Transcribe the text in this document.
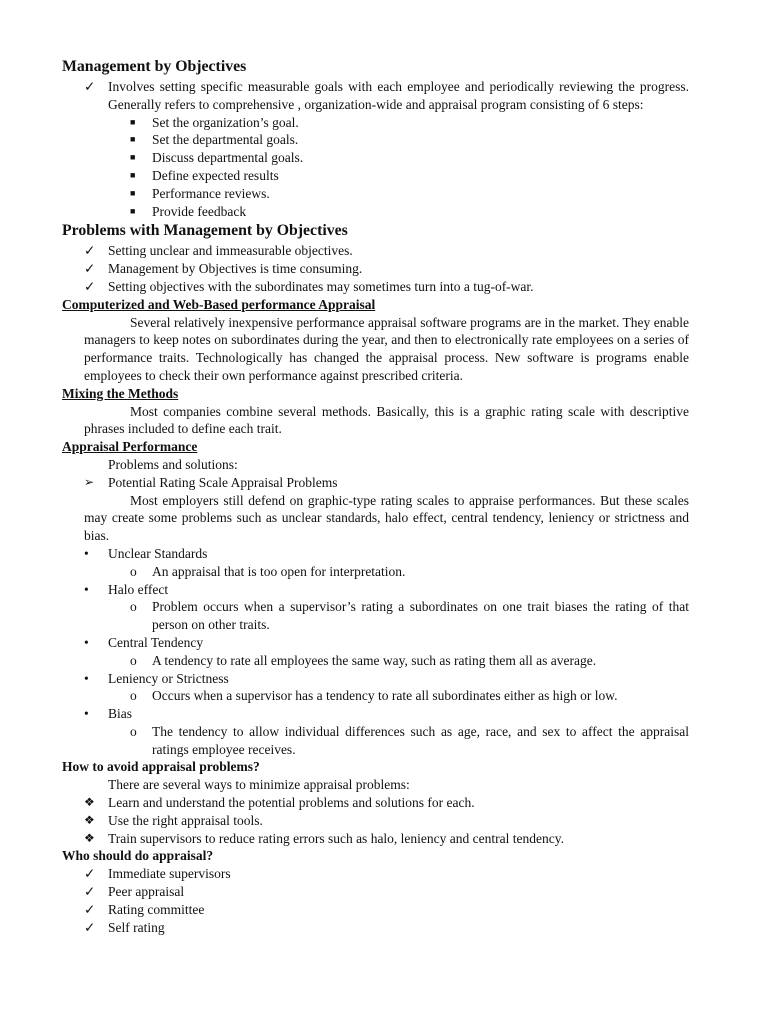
Management by Objectives
✓ Involves setting specific measurable goals with each employee and periodically reviewing the progress. Generally refers to comprehensive , organization-wide and appraisal program consisting of 6 steps:
■ Set the organization’s goal.
■ Set the departmental goals.
■ Discuss departmental goals.
■ Define expected results
■ Performance reviews.
■ Provide feedback
Problems with Management by Objectives
✓ Setting unclear and immeasurable objectives.
✓ Management by Objectives is time consuming.
✓ Setting objectives with the subordinates may sometimes turn into a tug-of-war.
Computerized and Web-Based performance Appraisal

Several relatively inexpensive performance appraisal software programs are in the market. They enable managers to keep notes on subordinates during the year, and then to electronically rate employees on a series of performance traits. Technologically has changed the appraisal process. New software is programs enable employees to check their own performance against prescribed criteria.

Mixing the Methods

Most companies combine several methods. Basically, this is a graphic rating scale with descriptive phrases included to define each trait.

Appraisal Performance

Problems and solutions:

➢ Potential Rating Scale Appraisal Problems

Most employers still defend on graphic-type rating scales to appraise performances. But these scales may create some problems such as unclear standards, halo effect, central tendency, leniency or strictness and bias.

• Unclear Standards
o An appraisal that is too open for interpretation.
• Halo effect
o Problem occurs when a supervisor’s rating a subordinates on one trait biases the rating of that person on other traits.
• Central Tendency
o A tendency to rate all employees the same way, such as rating them all as average.
• Leniency or Strictness
o Occurs when a supervisor has a tendency to rate all subordinates either as high or low.
• Bias
o The tendency to allow individual differences such as age, race, and sex to affect the appraisal ratings employee receives.
How to avoid appraisal problems?

There are several ways to minimize appraisal problems:

❖ Learn and understand the potential problems and solutions for each.
❖ Use the right appraisal tools.
❖ Train supervisors to reduce rating errors such as halo, leniency and central tendency.
Who should do appraisal?
✓ Immediate supervisors
✓ Peer appraisal
✓ Rating committee
✓ Self rating
